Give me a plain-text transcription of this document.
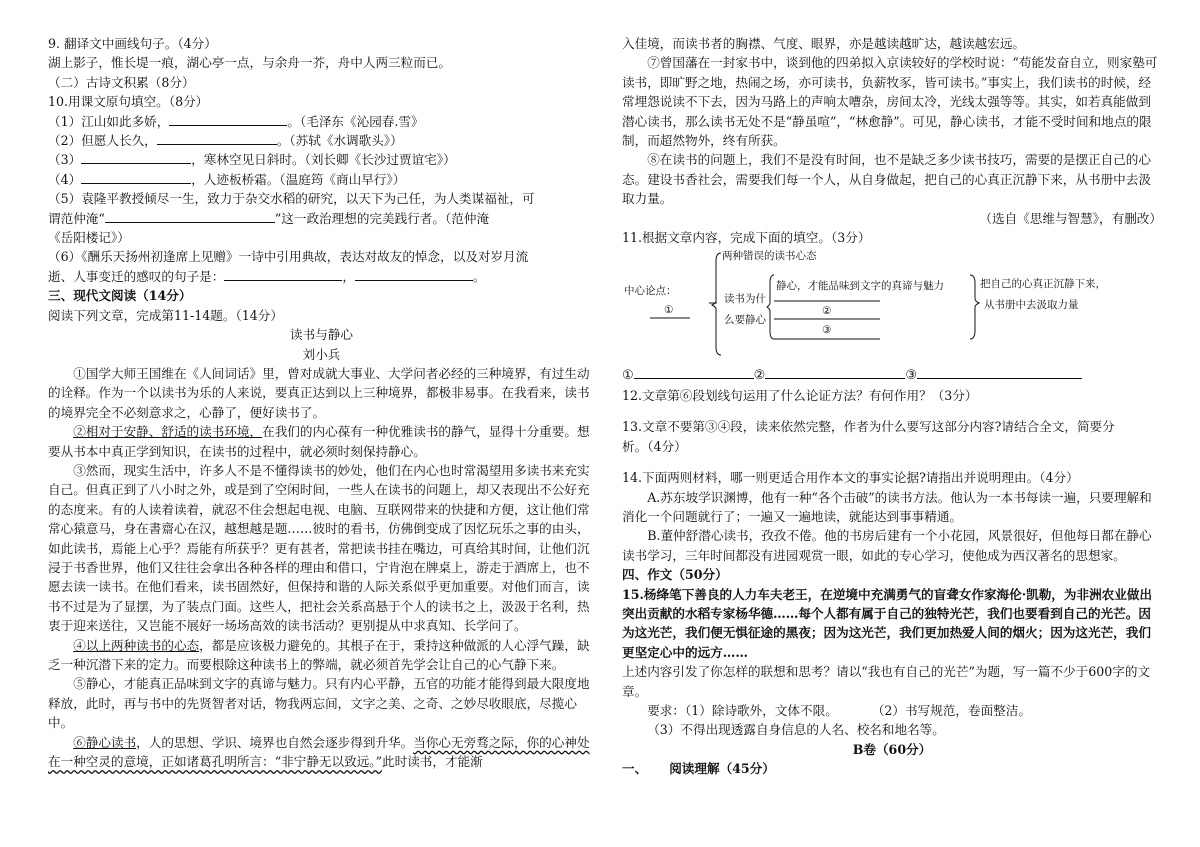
9. 翻译文中画线句子。（4分）
湖上影子，惟长堤一痕，湖心亭一点，与余舟一芥，舟中人两三粒而已。
（二）古诗文积累（8分）
10.用课文原句填空。（8分）
（1）江山如此多娇，	。（毛泽东《沁园春.雪》
（2）但愿人长久，	。（苏轼《水调歌头》）
（3）	，寒林空见日斜时。（刘长卿《长沙过贾谊宅》）
（4）	，人迹板桥霜。（温庭筠《商山早行》）
（5）袁隆平教授倾尽一生，致力于杂交水稻的研究，以天下为己任，为人类谋福祉，可
谓范仲淹“	”这一政治理想的完美践行者。（范仲淹
《岳阳楼记》）
（6）《酬乐天扬州初逢席上见赠》一诗中引用典故，表达对故友的悼念，以及对岁月流
逝、人事变迁的感叹的句子是：	，	。
三、现代文阅读（14分）
阅读下列文章，完成第11-14题。（14分）
读书与静心
刘小兵
①国学大师王国维在《人间词话》里，曾对成就大事业、大学问者必经的三种境界，有过生动的诠释。作为一个以读书为乐的人来说，要真正达到以上三种境界，都极非易事。在我看来，读书的境界完全不必刻意求之，心静了，便好读书了。
②相对于安静、舒适的读书环境，在我们的内心葆有一种优雅读书的静气，显得十分重要。想要从书本中真正学到知识，在读书的过程中，就必须时刻保持静心。
③然而，现实生活中，许多人不是不懂得读书的妙处，他们在内心也时常渴望用多读书来充实自己。但真正到了八小时之外，或是到了空闲时间，一些人在读书的问题上，却又表现出不公好充的态度来。有的人读着读着，就忍不住会想起电视、电脑、互联网带来的快捷和方便，这让他们常常心猿意马，身在書齋心在汉，越想越是题……彼时的看书，仿佛倒变成了因忆玩乐之事的由头，如此读书，焉能上心乎？焉能有所获乎？更有甚者，常把读书挂在嘴边，可真给其时间，让他们沉浸于书香世界，他们又往往会拿出各种各样的理由和借口，宁肯泡在牌桌上，游走于酒席上，也不愿去读一读书。在他们看来，读书固然好，但保持和谐的人际关系似乎更加重要。对他们而言，读书不过是为了显摆，为了装点门面。这些人，把社会关系高悬于个人的读书之上，汲汲于名利，热衷于迎来送往，又岂能不展好一场场高效的读书活动？更别提从中求真知、长学问了。
④以上两种读书的心态，都是应该极力避免的。其根子在于，秉持这种做派的人心浮气躁，缺乏一种沉潜下来的定力。而要根除这种读书上的弊端，就必须首先学会让自己的心气静下来。
⑤静心，才能真正品味到文字的真谛与魅力。只有内心平静，五官的功能才能得到最大限度地释放，此时，再与书中的先贤智者对话，物我两忘间，文字之美、之奇、之妙尽收眼底，尽揽心中。
⑥静心读书，人的思想、学识、境界也自然会逐步得到升华。当你心无旁骛之际，你的心神处在一种空灵的意境，正如诸葛孔明所言：“非宁静无以致远。”此时读书，才能渐
入佳境，而读书者的胸襟、气度、眼界，亦是越读越旷达，越读越宏远。
⑦曾国藩在一封家书中，谈到他的四弟拟入京读较好的学校时说：“苟能发奋自立，则家塾可读书，即旷野之地，热闹之场，亦可读书，负薪牧豕，皆可读书。”事实上，我们读书的时候，经常埋怨说读不下去，因为马路上的声响太嘈杂，房间太冷，光线太强等等。其实，如若真能做到潜心读书，那么读书无处不是“静虽喧”，“林愈静”。可见，静心读书，才能不受时间和地点的限制，而超然物外，终有所获。
⑧在读书的问题上，我们不是没有时间，也不是缺乏多少读书技巧，需要的是摆正自己的心态。建设书香社会，需要我们每一个人，从自身做起，把自己的心真正沉静下来，从书册中去汲取力量。
（选自《思维与智慧》，有删改）
11.根据文章内容，完成下面的填空。（3分）
两种错误的读书心态
中心论点：
①
读书为什
么要静心
静心，才能品味到文字的真谛与魅力
②
③
把自己的心真正沉静下来，
从书册中去汲取力量
①	②	③
12.文章第⑥段划线句运用了什么论证方法？有何作用？（3分）
13.文章不要第③④段，读来依然完整，作者为什么要写这部分内容?请结合全文，简要分
析。（4分）
14.下面两则材料，哪一则更适合用作本文的事实论据?请指出并说明理由。（4分）
A.苏东坡学识渊博，他有一种“各个击破”的读书方法。他认为一本书每读一遍，只要理解和消化一个问题就行了；一遍又一遍地读，就能达到事事精通。
B.董仲舒潜心读书，孜孜不倦。他的书房后建有一个小花园，风景很好，但他每日都在静心读书学习，三年时间都没有进园观赏一眼，如此的专心学习，使他成为西汉著名的思想家。
四、作文（50分）
15.杨绛笔下善良的人力车夫老王，在逆境中充满勇气的盲聋女作家海伦·凯勒，为非洲农业做出突出贡献的水稻专家杨华德……每个人都有属于自己的独特光芒，我们也要看到自己的光芒。因为这光芒，我们便无惧征途的黑夜；因为这光芒，我们更加热爱人间的烟火；因为这光芒，我们更坚定心中的远方……
上述内容引发了你怎样的联想和思考？请以“我也有自己的光芒”为题，写一篇不少于600字的文章。
要求：（1）除诗歌外，文体不限。	（2）书写规范，卷面整洁。
（3）不得出现透露自身信息的人名、校名和地名等。
B卷（60分）
一、 阅读理解（45分）
